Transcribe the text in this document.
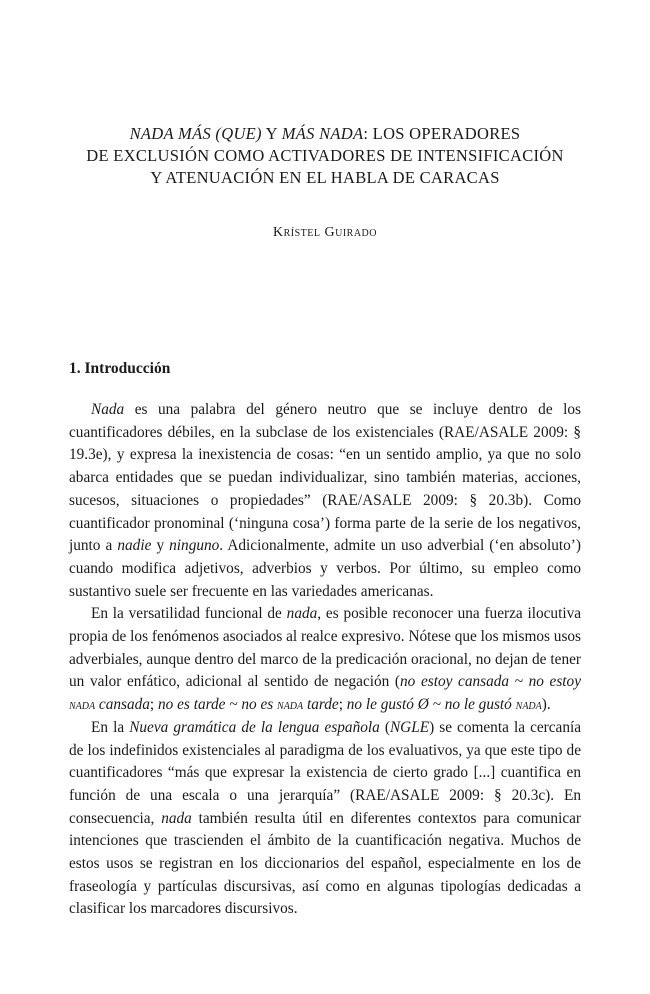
NADA MÁS (QUE) Y MÁS NADA: LOS OPERADORES
DE EXCLUSIÓN COMO ACTIVADORES DE INTENSIFICACIÓN
Y ATENUACIÓN EN EL HABLA DE CARACAS
Krístel Guirado
1. Introducción

Nada es una palabra del género neutro que se incluye dentro de los cuantificadores débiles, en la subclase de los existenciales (RAE/ASALE 2009: § 19.3e), y expresa la inexistencia de cosas: “en un sentido amplio, ya que no solo abarca entidades que se puedan individualizar, sino también materias, acciones, sucesos, situaciones o propiedades” (RAE/ASALE 2009: § 20.3b). Como cuantificador pronominal (‘ninguna cosa’) forma parte de la serie de los negativos, junto a nadie y ninguno. Adicionalmente, admite un uso adverbial (‘en absoluto’) cuando modifica adjetivos, adverbios y verbos. Por último, su empleo como sustantivo suele ser frecuente en las variedades americanas.

En la versatilidad funcional de nada, es posible reconocer una fuerza ilocutiva propia de los fenómenos asociados al realce expresivo. Nótese que los mismos usos adverbiales, aunque dentro del marco de la predicación oracional, no dejan de tener un valor enfático, adicional al sentido de negación (no estoy cansada ~ no estoy nada cansada; no es tarde ~ no es nada tarde; no le gustó Ø ~ no le gustó nada).

En la Nueva gramática de la lengua española (NGLE) se comenta la cercanía de los indefinidos existenciales al paradigma de los evaluativos, ya que este tipo de cuantificadores “más que expresar la existencia de cierto grado [...] cuantifica en función de una escala o una jerarquía” (RAE/ASALE 2009: § 20.3c). En consecuencia, nada también resulta útil en diferentes contextos para comunicar intenciones que trascienden el ámbito de la cuantificación negativa. Muchos de estos usos se registran en los diccionarios del español, especialmente en los de fraseología y partículas discursivas, así como en algunas tipologías dedicadas a clasificar los marcadores discursivos.
